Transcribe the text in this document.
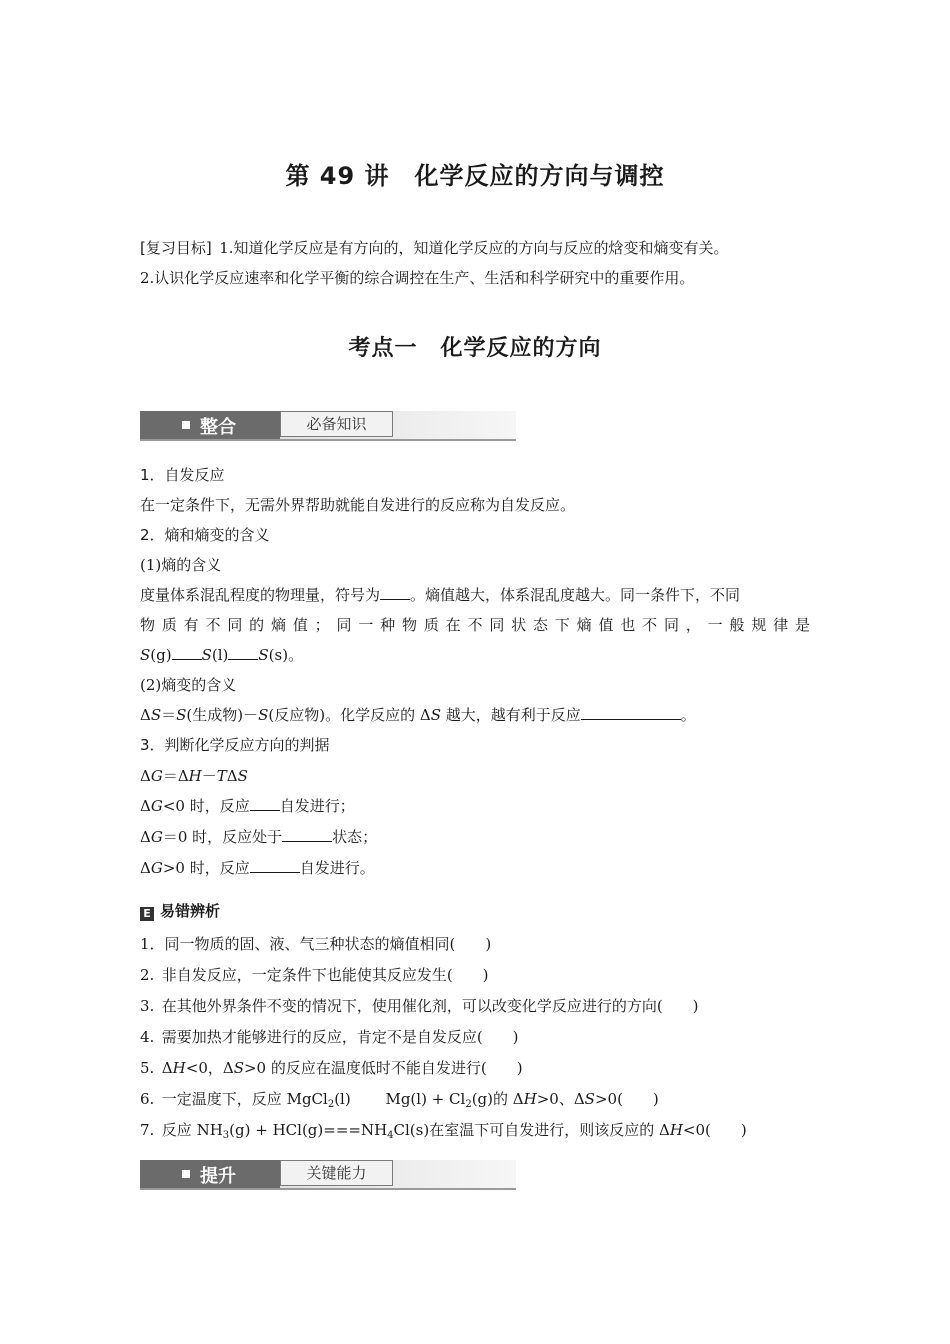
第 49 讲　化学反应的方向与调控
[复习目标] 1.知道化学反应是有方向的，知道化学反应的方向与反应的焓变和熵变有关。
2.认识化学反应速率和化学平衡的综合调控在生产、生活和科学研究中的重要作用。
考点一　化学反应的方向
整合	必备知识
1．自发反应
在一定条件下，无需外界帮助就能自发进行的反应称为自发反应。
2．熵和熵变的含义
(1)熵的含义
度量体系混乱程度的物理量，符号为 。熵值越大，体系混乱度越大。同一条件下，不同
物质有不同的熵值；同一种物质在不同状态下熵值也不同，一般规律是
S(g) S(l) S(s)。
(2)熵变的含义
ΔS＝S(生成物)－S(反应物)。化学反应的 ΔS 越大，越有利于反应	。
3．判断化学反应方向的判据
ΔG＝ΔH－TΔS
ΔG<0 时，反应 自发进行；
ΔG＝0 时，反应处于	状态；
ΔG>0 时，反应	自发进行。
E 易错辨析
1．同一物质的固、液、气三种状态的熵值相同(　　)
2. 非自发反应，一定条件下也能使其反应发生(　　)
3. 在其他外界条件不变的情况下，使用催化剂，可以改变化学反应进行的方向(　　)
4. 需要加热才能够进行的反应，肯定不是自发反应(　　)
5. ΔH<0，ΔS>0 的反应在温度低时不能自发进行(　　)
6. 一定温度下，反应 MgCl$_2$(l)　　 $Mg(l) + Cl_2(g)$的 ΔH>0、ΔS>0(　　)
7. 反应 $NH_3(g) + HCl(g)===NH_4Cl(s)$在室温下可自发进行，则该反应的 ΔH<0(　　)
提升	关键能力
